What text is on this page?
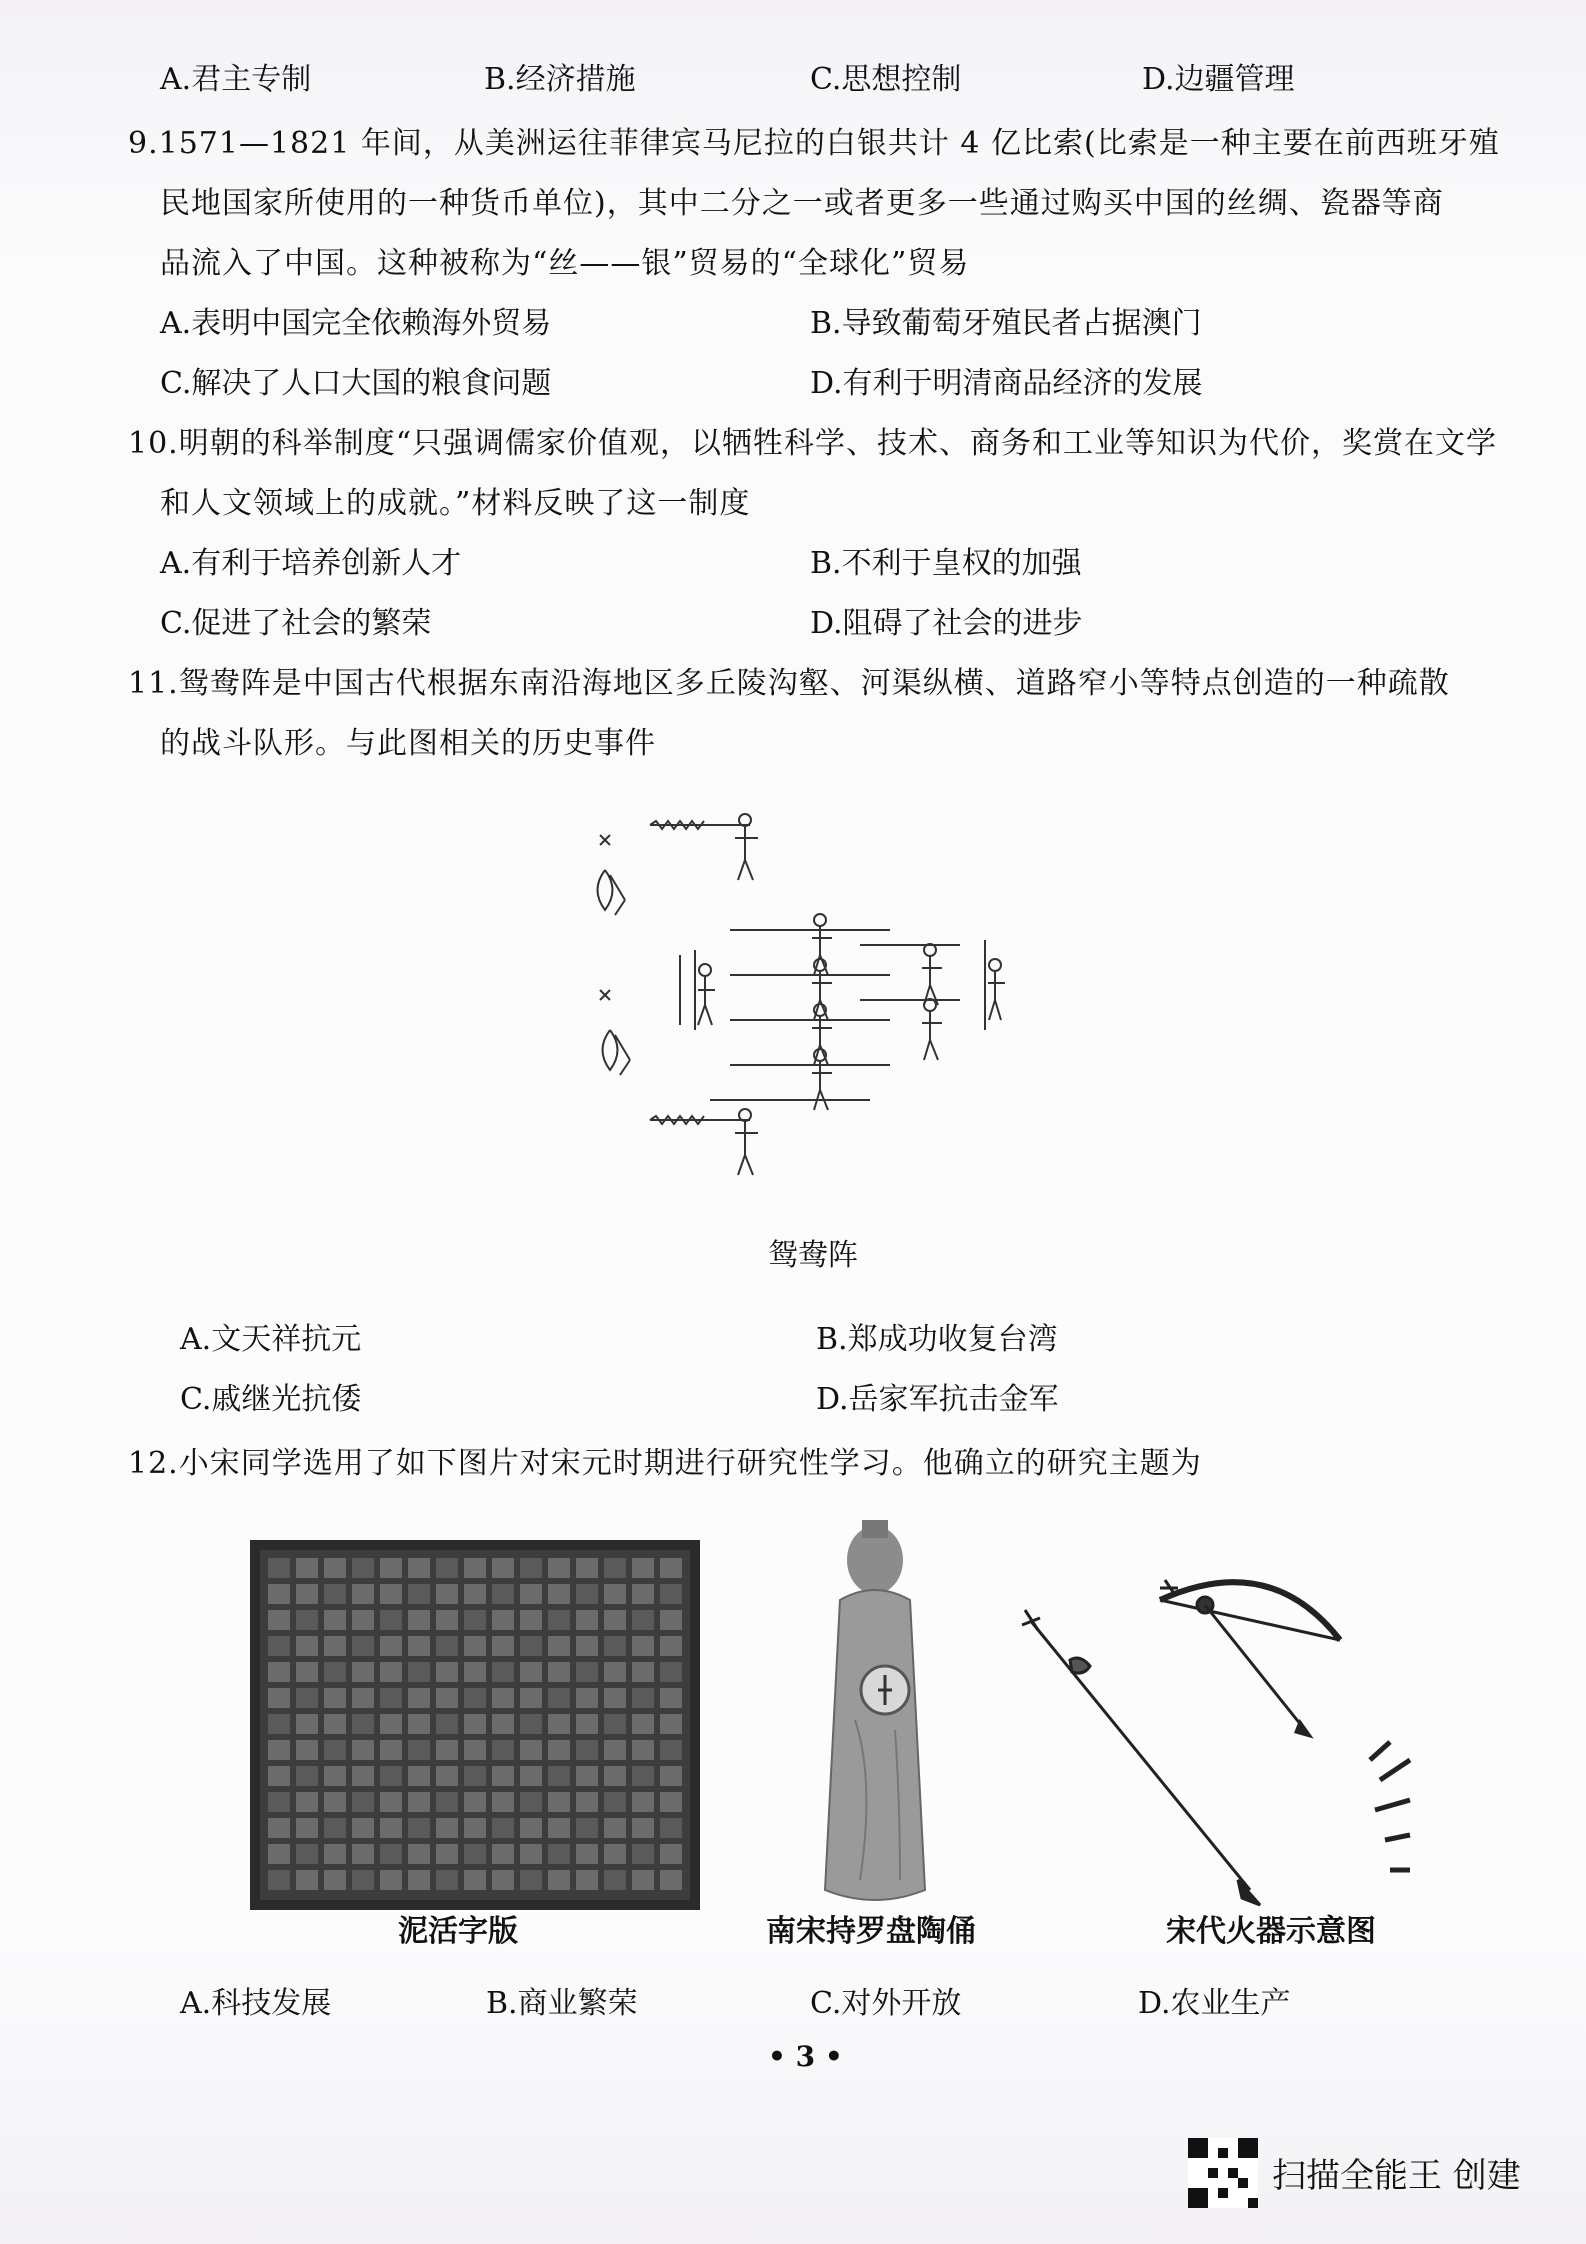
A.君主专制	B.经济措施	C.思想控制	D.边疆管理
9.1571—1821 年间，从美洲运往菲律宾马尼拉的白银共计 4 亿比索(比索是一种主要在前西班牙殖
民地国家所使用的一种货币单位)，其中二分之一或者更多一些通过购买中国的丝绸、瓷器等商
品流入了中国。这种被称为“丝——银”贸易的“全球化”贸易
A.表明中国完全依赖海外贸易	B.导致葡萄牙殖民者占据澳门
C.解决了人口大国的粮食问题	D.有利于明清商品经济的发展
10.明朝的科举制度“只强调儒家价值观，以牺牲科学、技术、商务和工业等知识为代价，奖赏在文学
和人文领域上的成就。”材料反映了这一制度
A.有利于培养创新人才	B.不利于皇权的加强
C.促进了社会的繁荣	D.阻碍了社会的进步
11.鸳鸯阵是中国古代根据东南沿海地区多丘陵沟壑、河渠纵横、道路窄小等特点创造的一种疏散
的战斗队形。与此图相关的历史事件
鸳鸯阵
A.文天祥抗元	B.郑成功收复台湾
C.戚继光抗倭	D.岳家军抗击金军
12.小宋同学选用了如下图片对宋元时期进行研究性学习。他确立的研究主题为
泥活字版	南宋持罗盘陶俑	宋代火器示意图
A.科技发展	B.商业繁荣	C.对外开放	D.农业生产
• 3 •
扫描全能王 创建
